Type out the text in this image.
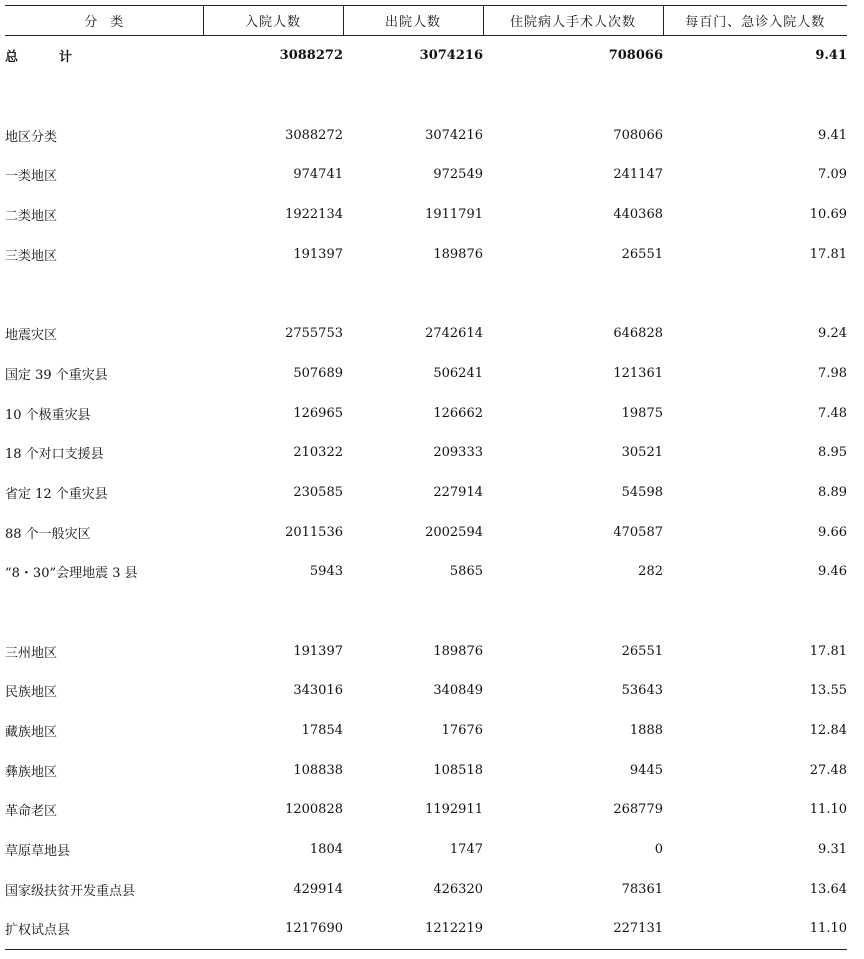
分　类	入院人数	出院人数	住院病人手术人次数	每百门、急诊入院人数
总　计	3088272	3074216	708066	9.41

地区分类	3088272	3074216	708066	9.41
一类地区	974741	972549	241147	7.09
二类地区	1922134	1911791	440368	10.69
三类地区	191397	189876	26551	17.81

地震灾区	2755753	2742614	646828	9.24
国定 39 个重灾县	507689	506241	121361	7.98
10 个极重灾县	126965	126662	19875	7.48
18 个对口支援县	210322	209333	30521	8.95
省定 12 个重灾县	230585	227914	54598	8.89
88 个一般灾区	2011536	2002594	470587	9.66
“8・30”会理地震 3 县	5943	5865	282	9.46

三州地区	191397	189876	26551	17.81
民族地区	343016	340849	53643	13.55
藏族地区	17854	17676	1888	12.84
彝族地区	108838	108518	9445	27.48
革命老区	1200828	1192911	268779	11.10
草原草地县	1804	1747	0	9.31
国家级扶贫开发重点县	429914	426320	78361	13.64
扩权试点县	1217690	1212219	227131	11.10
